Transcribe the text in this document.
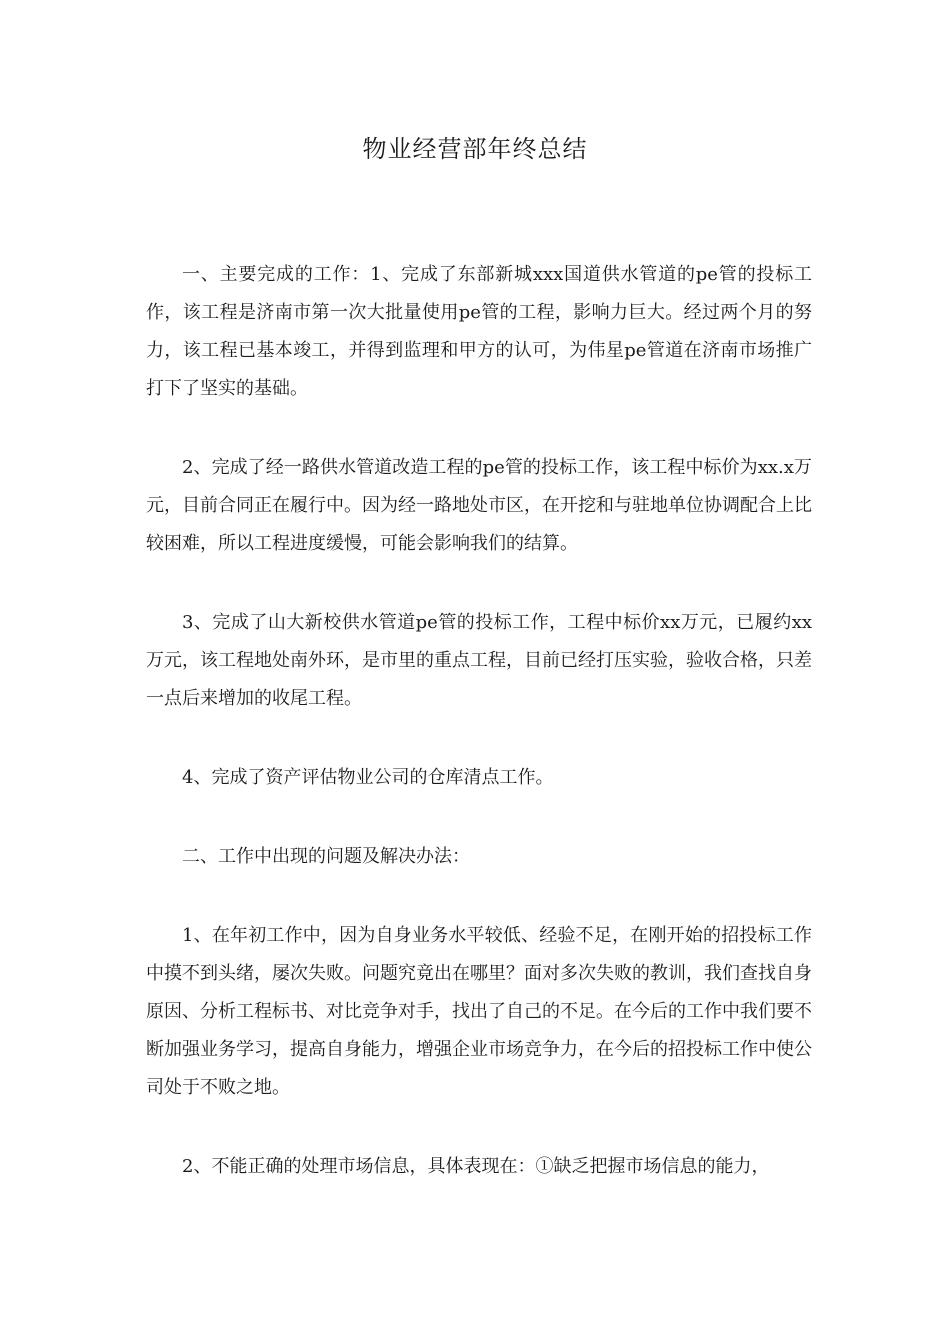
物业经营部年终总结

一、主要完成的工作：1、完成了东部新城xxx国道供水管道的pe管的投标工作，该工程是济南市第一次大批量使用pe管的工程，影响力巨大。经过两个月的努力，该工程已基本竣工，并得到监理和甲方的认可，为伟星pe管道在济南市场推广打下了坚实的基础。

2、完成了经一路供水管道改造工程的pe管的投标工作，该工程中标价为xx.x万元，目前合同正在履行中。因为经一路地处市区，在开挖和与驻地单位协调配合上比较困难，所以工程进度缓慢，可能会影响我们的结算。

3、完成了山大新校供水管道pe管的投标工作，工程中标价xx万元，已履约xx万元，该工程地处南外环，是市里的重点工程，目前已经打压实验，验收合格，只差一点后来增加的收尾工程。

4、完成了资产评估物业公司的仓库清点工作。

二、工作中出现的问题及解决办法：

1、在年初工作中，因为自身业务水平较低、经验不足，在刚开始的招投标工作中摸不到头绪，屡次失败。问题究竟出在哪里？面对多次失败的教训，我们查找自身原因、分析工程标书、对比竞争对手，找出了自己的不足。在今后的工作中我们要不断加强业务学习，提高自身能力，增强企业市场竞争力，在今后的招投标工作中使公司处于不败之地。

2、不能正确的处理市场信息，具体表现在：①缺乏把握市场信息的能力，
